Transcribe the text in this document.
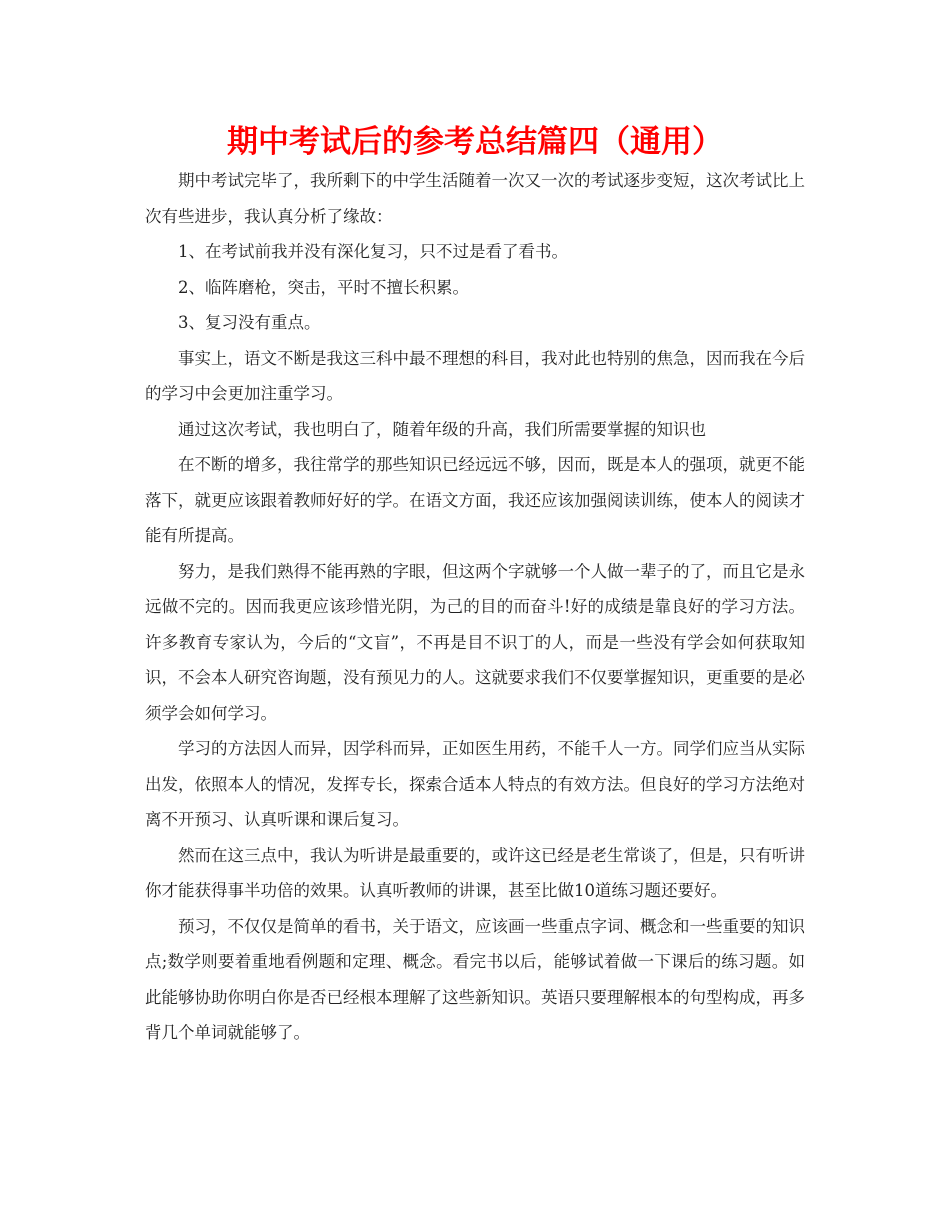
期中考试后的参考总结篇四（通用）

期中考试完毕了，我所剩下的中学生活随着一次又一次的考试逐步变短，这次考试比上次有些进步，我认真分析了缘故：

1、在考试前我并没有深化复习，只不过是看了看书。

2、临阵磨枪，突击，平时不擅长积累。

3、复习没有重点。

事实上，语文不断是我这三科中最不理想的科目，我对此也特别的焦急，因而我在今后的学习中会更加注重学习。

通过这次考试，我也明白了，随着年级的升高，我们所需要掌握的知识也

在不断的增多，我往常学的那些知识已经远远不够，因而，既是本人的强项，就更不能落下，就更应该跟着教师好好的学。在语文方面，我还应该加强阅读训练，使本人的阅读才能有所提高。

努力，是我们熟得不能再熟的字眼，但这两个字就够一个人做一辈子的了，而且它是永远做不完的。因而我更应该珍惜光阴，为己的目的而奋斗!好的成绩是靠良好的学习方法。许多教育专家认为，今后的“文盲”，不再是目不识丁的人，而是一些没有学会如何获取知识，不会本人研究咨询题，没有预见力的人。这就要求我们不仅要掌握知识，更重要的是必须学会如何学习。

学习的方法因人而异，因学科而异，正如医生用药，不能千人一方。同学们应当从实际出发，依照本人的情况，发挥专长，探索合适本人特点的有效方法。但良好的学习方法绝对离不开预习、认真听课和课后复习。

然而在这三点中，我认为听讲是最重要的，或许这已经是老生常谈了，但是，只有听讲你才能获得事半功倍的效果。认真听教师的讲课，甚至比做10道练习题还要好。

预习，不仅仅是简单的看书，关于语文，应该画一些重点字词、概念和一些重要的知识点;数学则要着重地看例题和定理、概念。看完书以后，能够试着做一下课后的练习题。如此能够协助你明白你是否已经根本理解了这些新知识。英语只要理解根本的句型构成，再多背几个单词就能够了。
